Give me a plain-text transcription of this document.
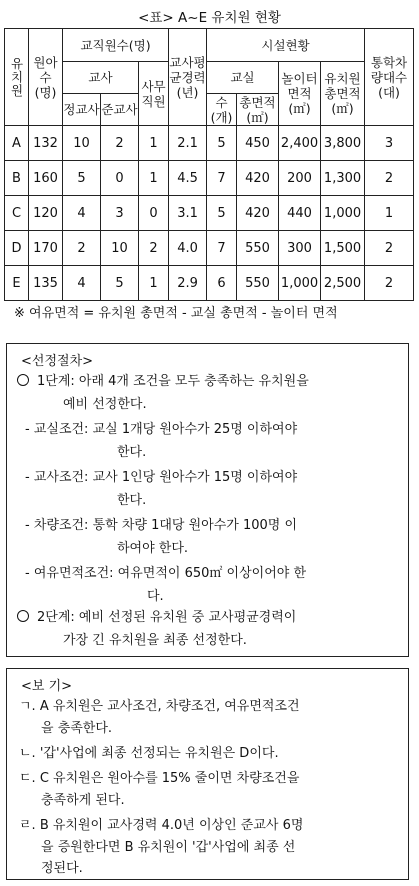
<표> A~E 유치원 현황
유치원	원아수(명)	교직원수(명)			교사평균경력(년)	시설현황				통학차량대수(대)
		교사		사무직원		교실		놀이터면적(㎡)	유치원총면적(㎡)	
		정교사	준교사			수(개)	총면적(㎡)			
A	132	10	2	1	2.1	5	450	2,400	3,800	3
B	160	5	0	1	4.5	7	420	200	1,300	2
C	120	4	3	0	3.1	5	420	440	1,000	1
D	170	2	10	2	4.0	7	550	300	1,500	2
E	135	4	5	1	2.9	6	550	1,000	2,500	2
※ 여유면적 = 유치원 총면적 - 교실 총면적 - 놀이터 면적
<선정절차>
1단계: 아래 4개 조건을 모두 충족하는 유치원을
예비 선정한다.
- 교실조건: 교실 1개당 원아수가 25명 이하여야
한다.
- 교사조건: 교사 1인당 원아수가 15명 이하여야
한다.
- 차량조건: 통학 차량 1대당 원아수가 100명 이
하여야 한다.
- 여유면적조건: 여유면적이 650㎡ 이상이어야 한
다.
2단계: 예비 선정된 유치원 중 교사평균경력이
가장 긴 유치원을 최종 선정한다.
<보 기>
ㄱ. A 유치원은 교사조건, 차량조건, 여유면적조건
을 충족한다.
ㄴ. '갑'사업에 최종 선정되는 유치원은 D이다.
ㄷ. C 유치원은 원아수를 15% 줄이면 차량조건을
충족하게 된다.
ㄹ. B 유치원이 교사경력 4.0년 이상인 준교사 6명
을 증원한다면 B 유치원이 '갑'사업에 최종 선
정된다.
